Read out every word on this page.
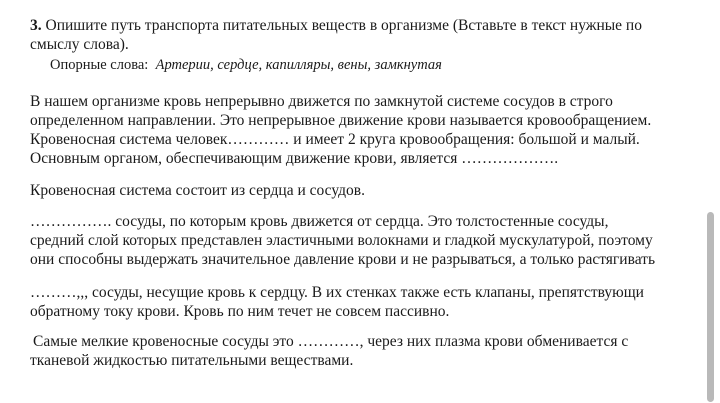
3. Опишите путь транспорта питательных веществ в организме (Вставьте в текст нужные по
смыслу слова).
Опорные слова: Артерии, сердце, капилляры, вены, замкнутая
В нашем организме кровь непрерывно движется по замкнутой системе сосудов в строго
определенном направлении. Это непрерывное движение крови называется кровообращением.
Кровеносная система человек………… и имеет 2 круга кровообращения: большой и малый.
Основным органом, обеспечивающим движение крови, является ……………….
Кровеносная система состоит из сердца и сосудов.
……………. сосуды, по которым кровь движется от сердца. Это толстостенные сосуды,
средний слой которых представлен эластичными волокнами и гладкой мускулатурой, поэтому
они способны выдержать значительное давление крови и не разрываться, а только растягивать
………,,, сосуды, несущие кровь к сердцу. В их стенках также есть клапаны, препятствующи
обратному току крови. Кровь по ним течет не совсем пассивно.
Самые мелкие кровеносные сосуды это …………, через них плазма крови обменивается с
тканевой жидкостью питательными веществами.
